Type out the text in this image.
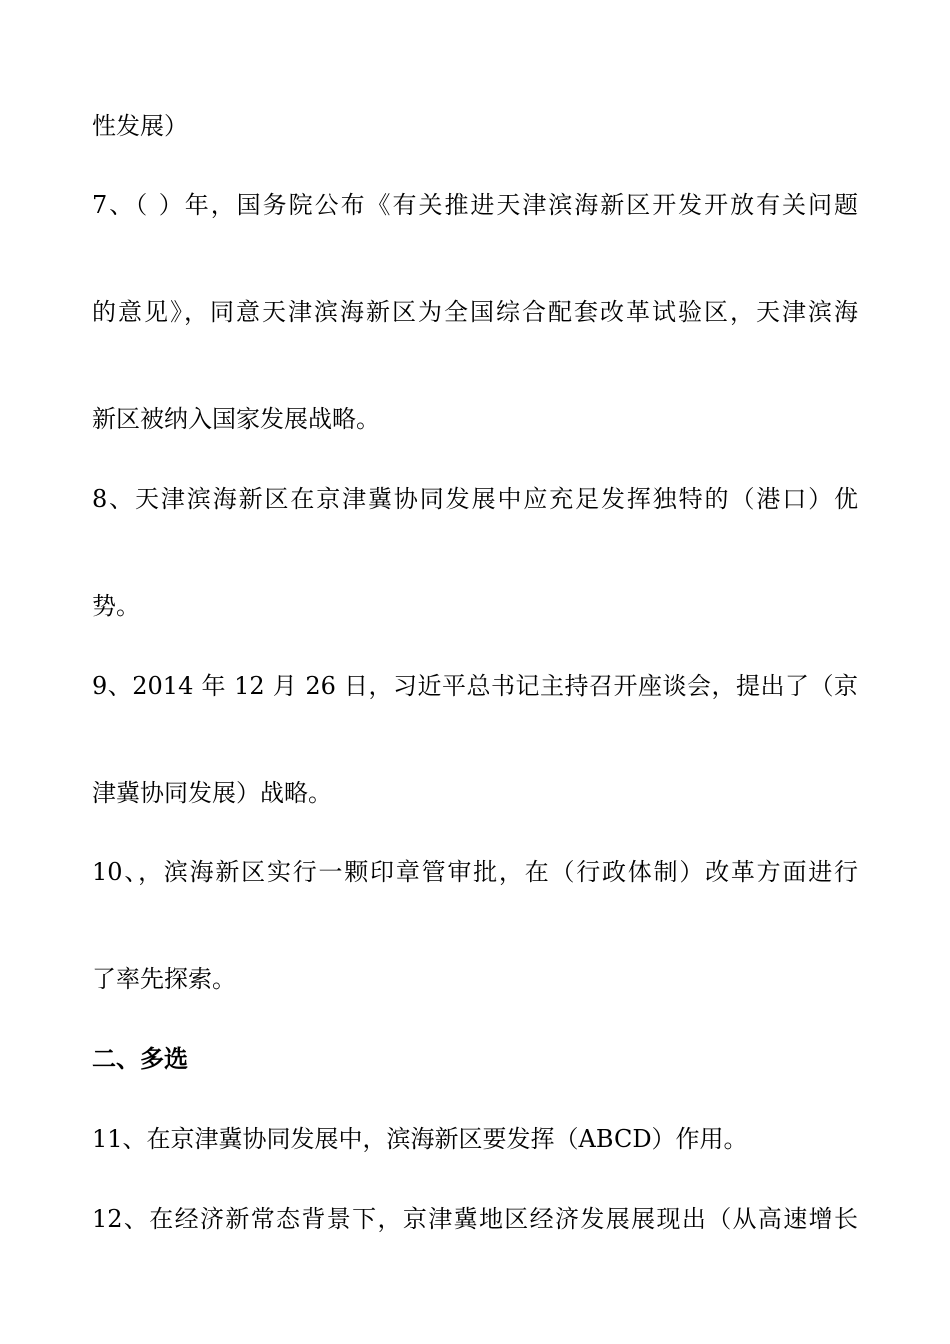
性发展）
7、（ ）年，国务院公布《有关推进天津滨海新区开发开放有关问题
的意见》，同意天津滨海新区为全国综合配套改革试验区，天津滨海
新区被纳入国家发展战略。
8、天津滨海新区在京津冀协同发展中应充足发挥独特的（港口）优
势。
9、2014 年 12 月 26 日，习近平总书记主持召开座谈会，提出了（京
津冀协同发展）战略。
10、，滨海新区实行一颗印章管审批，在（行政体制）改革方面进行
了率先探索。
二、多选
11、在京津冀协同发展中，滨海新区要发挥（ABCD）作用。
12、在经济新常态背景下，京津冀地区经济发展展现出（从高速增长
